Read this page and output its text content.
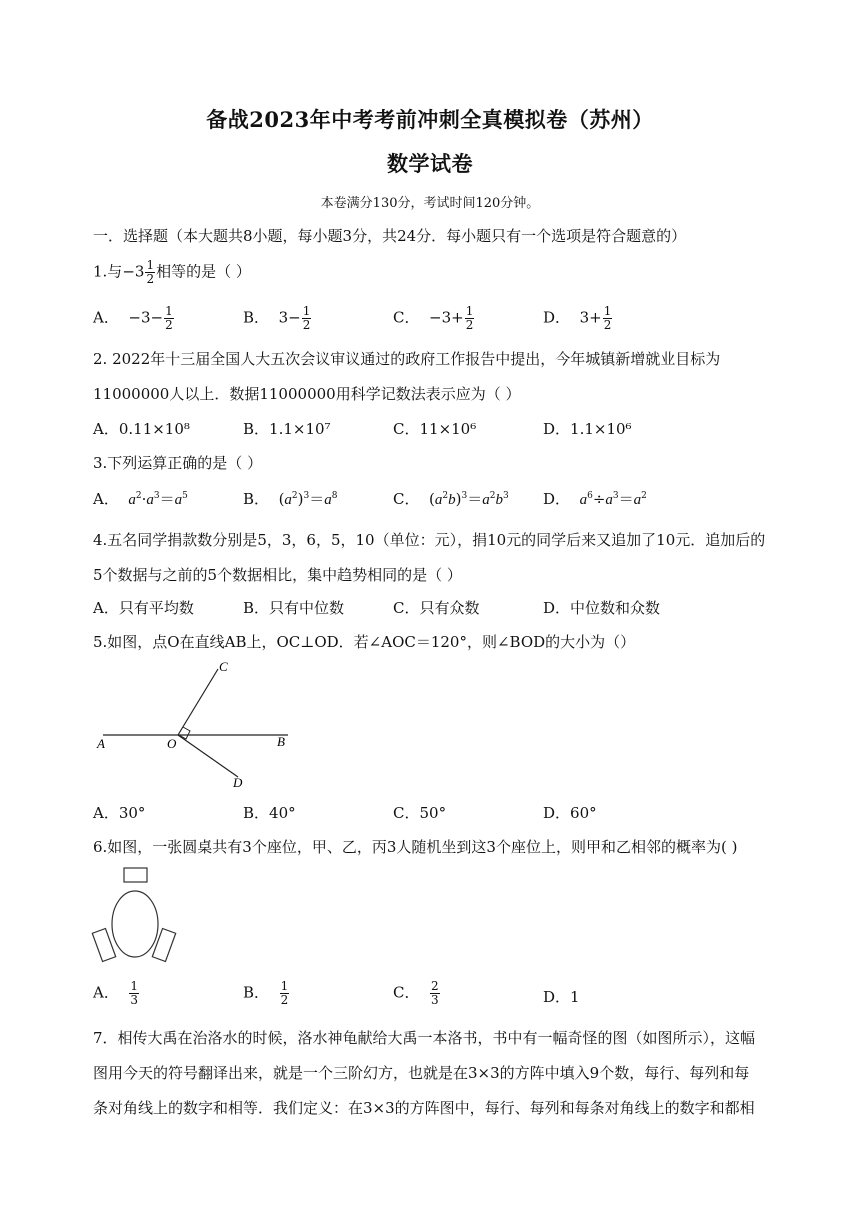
备战2023年中考考前冲刺全真模拟卷（苏州）
数学试卷
本卷满分130分，考试时间120分钟。
一．选择题（本大题共8小题，每小题3分，共24分．每小题只有一个选项是符合题意的）
1.与$-3 \frac{1}{2}$ 相等的是（ ）
A．  $-3- \frac{1}{2}$	B．  $3- \frac{1}{2}$	C．  $-3+ \frac{1}{2}$	D．  $3+ \frac{1}{2}$
2. 2022年十三届全国人大五次会议审议通过的政府工作报告中提出，今年城镇新增就业目标为
11000000人以上．数据11000000用科学记数法表示应为（ ）
A．0.11×10⁸	B．1.1×10⁷	C．11×10⁶	D．1.1×10⁶
3.下列运算正确的是（ ）
A． $a^2\cdot a^3=a^5$	B．  $(a^2)^3=a^8$	C．  $(a^2b)^3=a^2b^3$ D． $a^6\div a^3=a^2$
4.五名同学捐款数分别是5，3，6，5，10（单位：元），捐10元的同学后来又追加了10元．追加后的
5个数据与之前的5个数据相比，集中趋势相同的是（ ）
A．只有平均数	B．只有中位数	C．只有众数	D．中位数和众数
5.如图，点O在直线AB上，OC⊥OD．若∠AOC＝120°，则∠BOD的大小为（）
C
A	O	B
D
A．30°	B．40°	C．50°	D．60°
6.如图，一张圆桌共有3个座位，甲、乙，丙3人随机坐到这3个座位上，则甲和乙相邻的概率为( )
A． $\frac{1}{3}$	B． $\frac{1}{2}$	C． $\frac{2}{3}$	D．1
7．相传大禹在治洛水的时候，洛水神龟献给大禹一本洛书，书中有一幅奇怪的图（如图所示），这幅
图用今天的符号翻译出来，就是一个三阶幻方，也就是在3×3的方阵中填入9个数，每行、每列和每
条对角线上的数字和相等．我们定义：在3×3的方阵图中，每行、每列和每条对角线上的数字和都相
